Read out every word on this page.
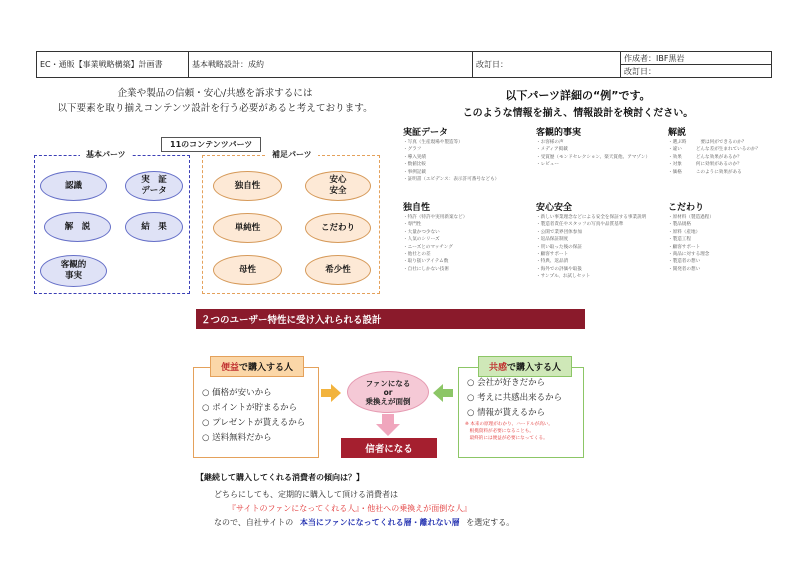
EC・通販【事業戦略構築】計画書	基本戦略設計：成約	改訂日：
作成者：IBF黒岩
改訂日：
企業や製品の信頼・安心/共感を訴求するには
以下要素を取り揃えコンテンツ設計を行う必要があると考えております。
11のコンテンツパーツ
基本パーツ
認識
実　証
データ
解　説	結　果
客観的
事実
補足パーツ
独自性
安心
安全
単純性	こだわり
母性	希少性
以下パーツ詳細の“例”です。
このような情報を揃え、情報設計を検討ください。
実証データ
・ 写真（生産現場や製造等）
・ グラフ
・ 導入実績
・ 数値比較
・ 事例記載
・ 証明書（エビデンス：表示許可番号なども）
客観的事実
・ お客様の声
・ メディア掲載
・ 受賞歴（モンドセレクション、楽天賞他、アマゾン）
・ レビュー
解説
・ 選ぶ時	要は何ができるのか？
・ 違い	どんな差が生まれているのか？
・ 効果	どんな効果があるか？
・ 対象	何に効果があるのか？
・ 価格	このように効果がある
独自性
・ 特許（特許や実用新案など）
・ 専門性
・ 大量かつ少ない
・ 人気のシリーズ
・ ニーズとのマッチング
・ 他社との差
・ 取り扱いアイテム数
・ 自社にしかない技術
安心安全
・ 新しい事業理念などによる安全を保証する事業説明
・ 製造者責任やスタッフの写真や品質基準
・ 公開で業界団体参加
・ 返品保証制度
・ 買い取った後の保証
・ 顧客サポート
・ 特典、返品済
・ 海外での評価や取扱
・ サンプル、お試しセット
こだわり
・ 原材料（製造過程）
・ 製品規格
・ 原料（産地）
・ 製造工程
・ 顧客サポート
・ 商品に対する理念
・ 製造者の想い
・ 開発者の想い
２つのユーザー特性に受け入れられる設計
○ 価格が安いから
○ ポイントが貯まるから
○ プレゼントが貰えるから
○ 送料無料だから
便益で購入する人
ファンになる
or
乗換えが面倒
信者になる
○ 会社が好きだから
○ 考えに共感出来るから
○ 情報が貰えるから
※ 本来の原理がわかり、ハードルが高い。
　根拠資料が必要になることも。
　最終的には便益が必要になってくる。
共感で購入する人
【継続して購入してくれる消費者の傾向は？】
どちらにしても、定期的に購入して頂ける消費者は
『サイトのファンになってくれる人』・他社への乗換えが面倒な人』
なので、自社サイトの 本当にファンになってくれる層・離れない層 を選定する。
